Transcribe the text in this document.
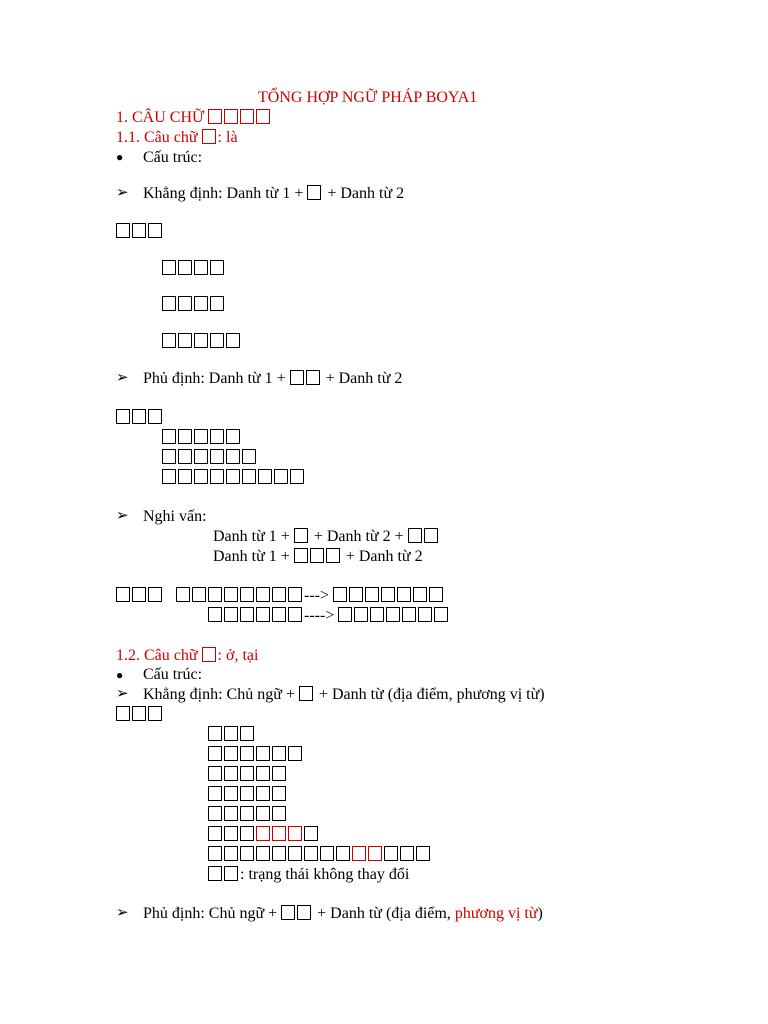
TỔNG HỢP NGỮ PHÁP BOYA1
1. CÂU CHỮ
1.1. Câu chữ : là
● Cấu trúc:
➢ Khẳng định: Danh từ 1 + + Danh từ 2
➢ Phủ định: Danh từ 1 +	+ Danh từ 2
➢ Nghi vấn:
Danh từ 1 + + Danh từ 2 +
Danh từ 1 +	+ Danh từ 2
--->
---->
1.2. Câu chữ : ở, tại
● Cấu trúc:
➢ Khẳng định: Chủ ngữ + + Danh từ (địa điểm, phương vị từ)
: trạng thái không thay đổi
➢ Phủ định: Chủ ngữ +	+ Danh từ (địa điểm, phương vị từ)
